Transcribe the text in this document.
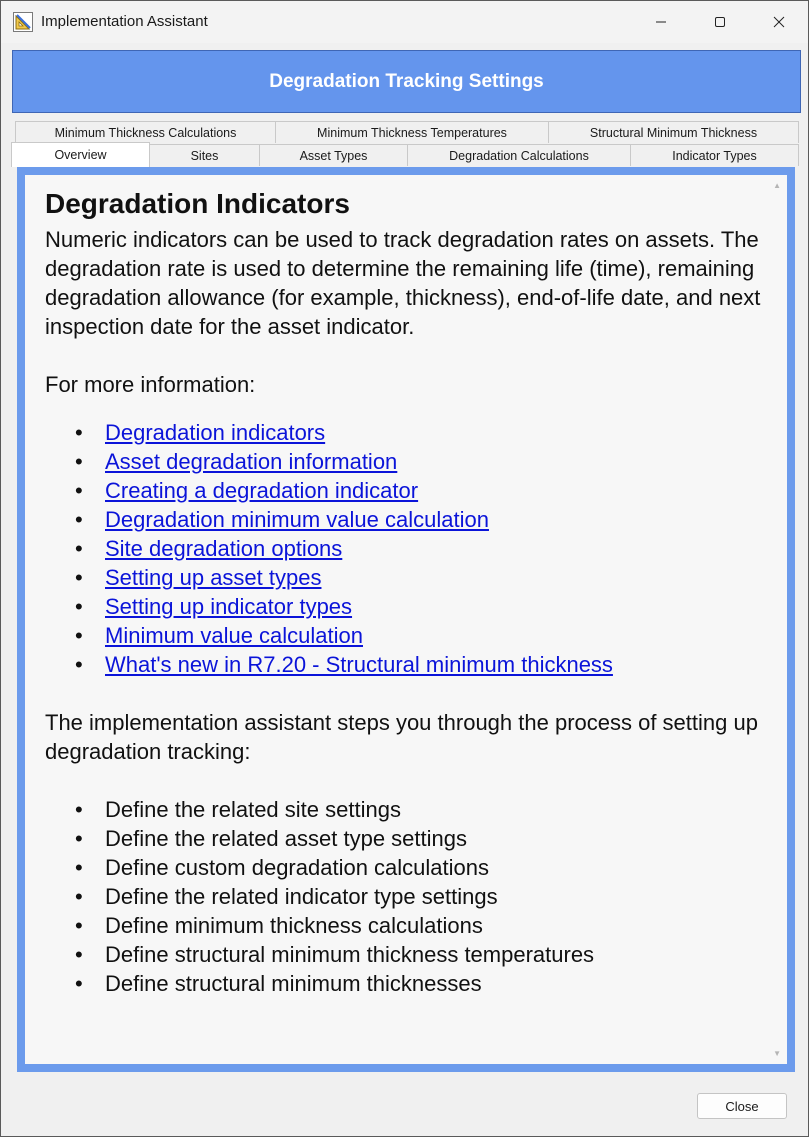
Implementation Assistant
Degradation Tracking Settings
Minimum Thickness Calculations	Minimum Thickness Temperatures	Structural Minimum Thickness
Overview	Sites	Asset Types	Degradation Calculations	Indicator Types
▲
Degradation Indicators

Numeric indicators can be used to track degradation rates on assets. The degradation rate is used to determine the remaining life (time), remaining degradation allowance (for example, thickness), end-of-life date, and next inspection date for the asset indicator.

For more information:

• Degradation indicators
• Asset degradation information
• Creating a degradation indicator
• Degradation minimum value calculation
• Site degradation options
• Setting up asset types
• Setting up indicator types
• Minimum value calculation
• What's new in R7.20 - Structural minimum thickness

The implementation assistant steps you through the process of setting up degradation tracking:

• Define the related site settings
• Define the related asset type settings
• Define custom degradation calculations
• Define the related indicator type settings
• Define minimum thickness calculations
• Define structural minimum thickness temperatures
• Define structural minimum thicknesses
▼
Close
